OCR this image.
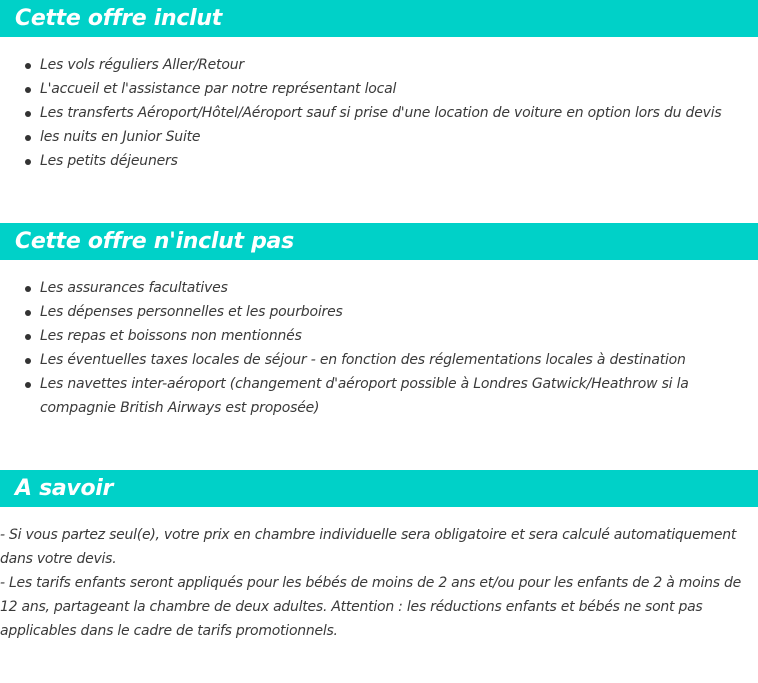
Cette offre inclut
Les vols réguliers Aller/Retour
L'accueil et l'assistance par notre représentant local
Les transferts Aéroport/Hôtel/Aéroport sauf si prise d'une location de voiture en option lors du devis
les nuits en Junior Suite
Les petits déjeuners
Cette offre n'inclut pas
Les assurances facultatives
Les dépenses personnelles et les pourboires
Les repas et boissons non mentionnés
Les éventuelles taxes locales de séjour - en fonction des réglementations locales à destination
Les navettes inter-aéroport (changement d'aéroport possible à Londres Gatwick/Heathrow si la compagnie British Airways est proposée)
A savoir
- Si vous partez seul(e), votre prix en chambre individuelle sera obligatoire et sera calculé automatiquement dans votre devis.
- Les tarifs enfants seront appliqués pour les bébés de moins de 2 ans et/ou pour les enfants de 2 à moins de 12 ans, partageant la chambre de deux adultes. Attention : les réductions enfants et bébés ne sont pas applicables dans le cadre de tarifs promotionnels.
